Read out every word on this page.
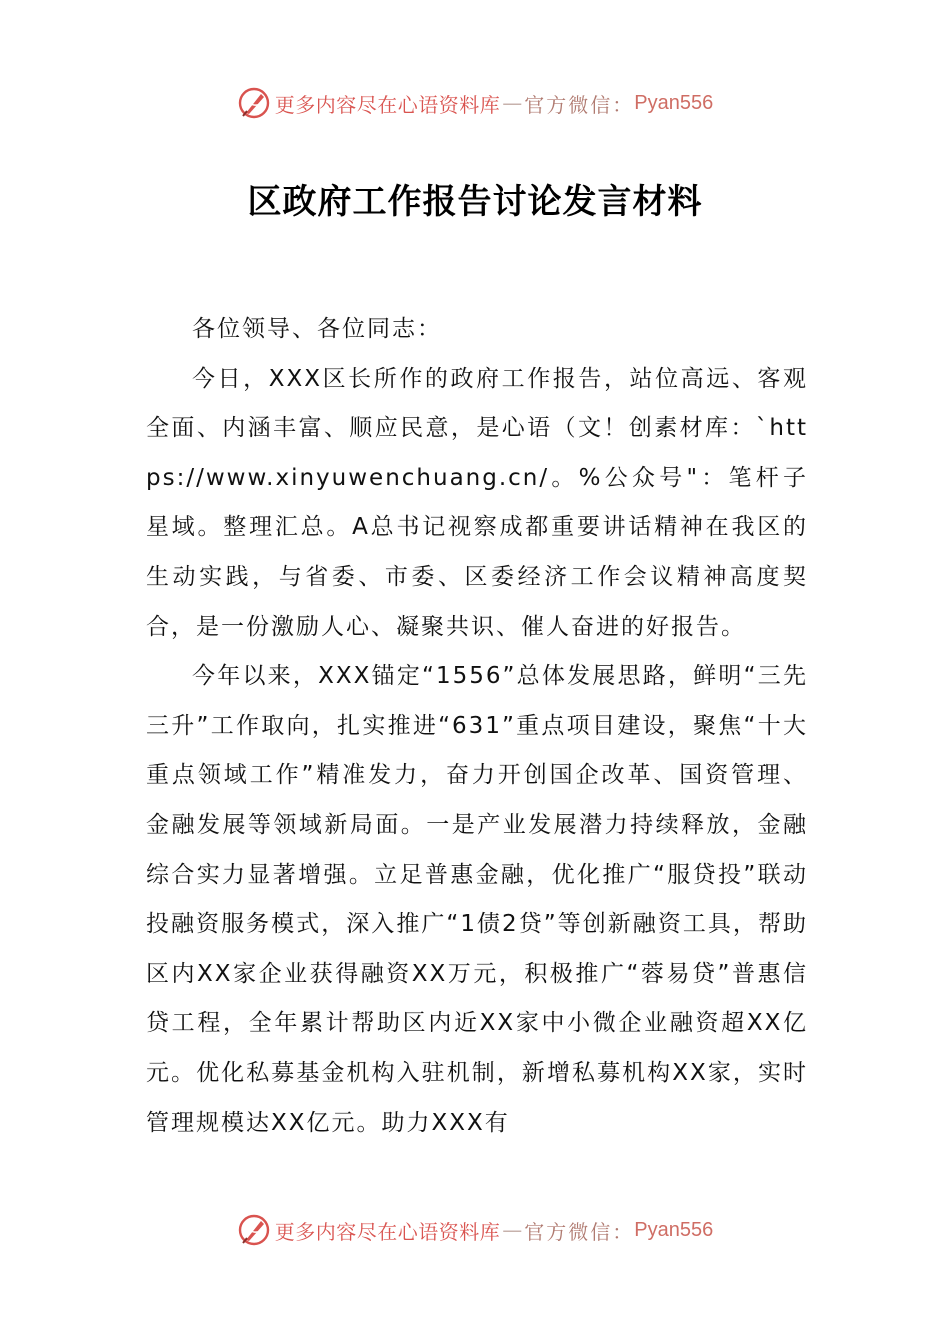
更多内容尽在心语资料库 — 官方微信： Pyan556
区政府工作报告讨论发言材料

各位领导、各位同志：

今日，XXX区长所作的政府工作报告，站位高远、客观全面、内涵丰富、顺应民意，是心语（文！创素材库：`https://www.xinyuwenchuang.cn/。%公众号"：笔杆子星域。整理汇总。A总书记视察成都重要讲话精神在我区的生动实践，与省委、市委、区委经济工作会议精神高度契合，是一份激励人心、凝聚共识、催人奋进的好报告。

今年以来，XXX锚定“1556”总体发展思路，鲜明“三先三升”工作取向，扎实推进“631”重点项目建设，聚焦“十大重点领域工作”精准发力，奋力开创国企改革、国资管理、金融发展等领域新局面。一是产业发展潜力持续释放，金融综合实力显著增强。立足普惠金融，优化推广“服贷投”联动投融资服务模式，深入推广“1债2贷”等创新融资工具，帮助区内XX家企业获得融资XX万元，积极推广“蓉易贷”普惠信贷工程，全年累计帮助区内近XX家中小微企业融资超XX亿元。优化私募基金机构入驻机制，新增私募机构XX家，实时管理规模达XX亿元。助力XXX有

更多内容尽在心语资料库 — 官方微信： Pyan556
